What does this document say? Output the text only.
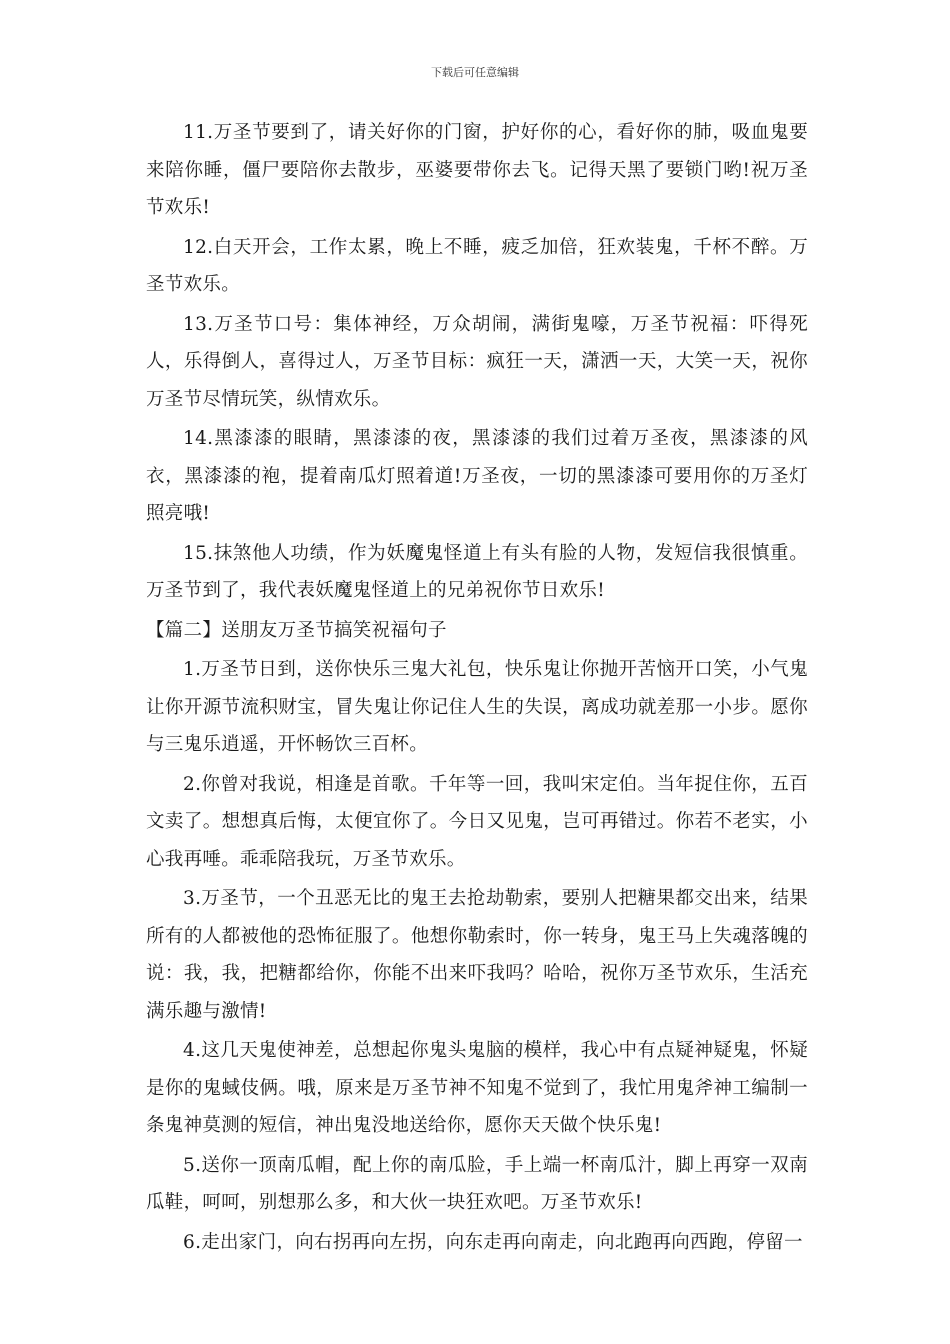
下载后可任意编辑

11.万圣节要到了，请关好你的门窗，护好你的心，看好你的肺，吸血鬼要来陪你睡，僵尸要陪你去散步，巫婆要带你去飞。记得天黑了要锁门哟!祝万圣节欢乐!

12.白天开会，工作太累，晚上不睡，疲乏加倍，狂欢装鬼，千杯不醉。万圣节欢乐。

13.万圣节口号：集体神经，万众胡闹，满街鬼嚎，万圣节祝福：吓得死人，乐得倒人，喜得过人，万圣节目标：疯狂一天，潇洒一天，大笑一天，祝你万圣节尽情玩笑，纵情欢乐。

14.黑漆漆的眼睛，黑漆漆的夜，黑漆漆的我们过着万圣夜，黑漆漆的风衣，黑漆漆的袍，提着南瓜灯照着道!万圣夜，一切的黑漆漆可要用你的万圣灯照亮哦!

15.抹煞他人功绩，作为妖魔鬼怪道上有头有脸的人物，发短信我很慎重。万圣节到了，我代表妖魔鬼怪道上的兄弟祝你节日欢乐!

【篇二】送朋友万圣节搞笑祝福句子

1.万圣节日到，送你快乐三鬼大礼包，快乐鬼让你抛开苦恼开口笑，小气鬼让你开源节流积财宝，冒失鬼让你记住人生的失误，离成功就差那一小步。愿你与三鬼乐逍遥，开怀畅饮三百杯。

2.你曾对我说，相逢是首歌。千年等一回，我叫宋定伯。当年捉住你，五百文卖了。想想真后悔，太便宜你了。今日又见鬼，岂可再错过。你若不老实，小心我再唾。乖乖陪我玩，万圣节欢乐。

3.万圣节，一个丑恶无比的鬼王去抢劫勒索，要别人把糖果都交出来，结果所有的人都被他的恐怖征服了。他想你勒索时，你一转身，鬼王马上失魂落魄的说：我，我，把糖都给你，你能不出来吓我吗？哈哈，祝你万圣节欢乐，生活充满乐趣与激情!

4.这几天鬼使神差，总想起你鬼头鬼脑的模样，我心中有点疑神疑鬼，怀疑是你的鬼蜮伎俩。哦，原来是万圣节神不知鬼不觉到了，我忙用鬼斧神工编制一条鬼神莫测的短信，神出鬼没地送给你，愿你天天做个快乐鬼!

5.送你一顶南瓜帽，配上你的南瓜脸，手上端一杯南瓜汁，脚上再穿一双南瓜鞋，呵呵，别想那么多，和大伙一块狂欢吧。万圣节欢乐!

6.走出家门，向右拐再向左拐，向东走再向南走，向北跑再向西跑，停留一
